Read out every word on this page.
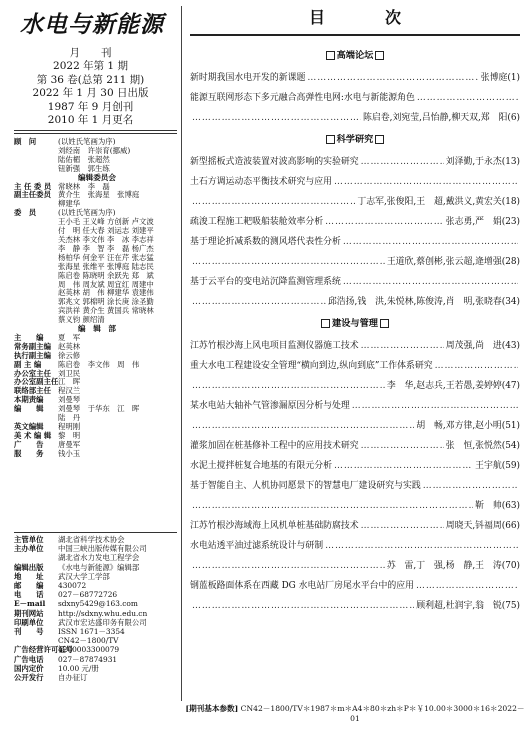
水电与新能源
月　　刊
2022 年第 1 期
第 36 卷(总第 211 期)
2022 年 1 月 30 日出版
1987 年 9 月创刊
2010 年 1 月更名
顾　问	(以姓氏笔画为序)
刘经南　许崇育(挪威)
陆佑楣　张超然
钮新强　郭生练
编辑委员会
主 任 委 员 常晓林　李　磊
副主任委员 黄介生　张海星　张博庭
柳建华
委　员	(以姓氏笔画为序)
王小毛 王义峰 方创新 卢文波
付　明 任大春 刘运志 刘建平
关杰林 李文伟 李　冰 李志祥
李　静 李　智 李　磊 杨广杰
杨柏华 何金平 汪在芹 张志猛
张海星 张维平 张博庭 陆志民
陈启卷 陈晓明 余跃先 郑　斌
周　伟 周友斌 周宜红 周建中
赵英林 胡　伟 柳建华 袁建伟
郭兆文 郭棉明 涂长庚 涂圣勤
宾洪祥 黄介生 黄国兵 常晓林
蔡义钧 颜绍清
编　辑　部
主　　编	夏　军
常务副主编 赵英林
执行副主编 徐云修
副 主 编	陈启卷　李文伟　周　伟
办公室主任 刘卫民
办公室副主任 江　晖
联络部主任 程汉兰
本期责编	刘曼琴
编　　辑	刘曼琴　于华东　江　晖
陆　丹
英文编辑	程明刚
美 术 编 辑 黎　明
广　　告	唐曼军
服　　务	钱小玉
主管单位	湖北省科学技术协会
主办单位	中国三峡出版传媒有限公司
湖北省水力发电工程学会
编辑出版	《水电与新能源》编辑部
地　　址	武汉大学工学部
邮　　编	430072
电　　话	027－68772726
E－mail	sdxny5429@163.com
期刊网站	http://sdxny.whu.edu.cn
印刷单位	武汉市宏达盛印务有限公司
刊　　号	ISSN 1671－3354
CN42－1800/TV
广告经营许可证号
4200003300079
广告电话	027－87874931
国内定价	10.00 元/册
公开发行	自办征订
目　次
高端论坛
新时期我国水电开发的新课题 ……………………………………………………………………………………………………………………………	张博庭(1)
能源互联网形态下多元融合高弹性电网:水电与新能源角色
……………………………………………………………………………………………………………………………
……………………………………………………………………………………………………………………………
陈启卷,刘宛莹,吕怡静,柳天双,郑　阳(6)
科学研究
新型摇板式造波装置对波高影响的实验研究 ……………………………………………………………………………………………………………………………	刘泽勤,于永杰(13)
土石方调运动态平衡技术研究与应用
……………………………………………………………………………………………………………………………
……………………………………………………………………………………………………………………………
丁志军,张俊阳,王　超,戴洪义,黄宏关(18)
疏浚工程施工耙吸船装舱效率分析 ……………………………………………………………………………………………………………………………	张志勇,严　娟(23)
基于理论折减系数的测风塔代表性分析
……………………………………………………………………………………………………………………………
……………………………………………………………………………………………………………………………
王道欣,蔡创彬,张云超,逄增强(28)
基于云平台的变电站沉降监测管理系统
……………………………………………………………………………………………………………………………
……………………………………………………………………………………………………………………………
邱浩扬,钱　洪,朱悦林,陈俊涛,肖　明,张晓春(34)
建设与管理
江苏竹根沙海上风电项目监测仪器施工技术 ……………………………………………………………………………………………………………………………	周茂强,尚　进(43)
重大水电工程建设安全管理“横向到边,纵向到底”工作体系研究
……………………………………………………………………………………………………………………………
……………………………………………………………………………………………………………………………
李　华,赵志兵,王若愚,姜婷婷(47)
某水电站大轴补气管渗漏原因分析与处理
……………………………………………………………………………………………………………………………
……………………………………………………………………………………………………………………………
胡　畅,邓方律,赵小明(51)
灌浆加固在桩基修补工程中的应用技术研究 ……………………………………………………………………………………………………………………………	张　恒,张悦然(54)
水泥土搅拌桩复合地基的有限元分析 ……………………………………………………………………………………………………………………………	王宇航(59)
基于智能自主、人机协同愿景下的智慧电厂建设研究与实践
……………………………………………………………………………………………………………………………
……………………………………………………………………………………………………………………………
靳　帅(63)
江苏竹根沙海域海上风机单桩基础防腐技术 ……………………………………………………………………………………………………………………………	周晓天,钭福周(66)
水电站透平油过滤系统设计与研制
……………………………………………………………………………………………………………………………
……………………………………………………………………………………………………………………………
苏　雷,丁　强,杨　静,王　涛(70)
钢蓝板路面体系在西藏 DG 水电站厂房尾水平台中的应用
……………………………………………………………………………………………………………………………
……………………………………………………………………………………………………………………………
顾利超,杜润宇,翁　锐(75)
[期刊基本参数] CN42－1800/TV＊1987＊m＊A4＊80＊zh＊P＊￥10.00＊3000＊16＊2022－01
